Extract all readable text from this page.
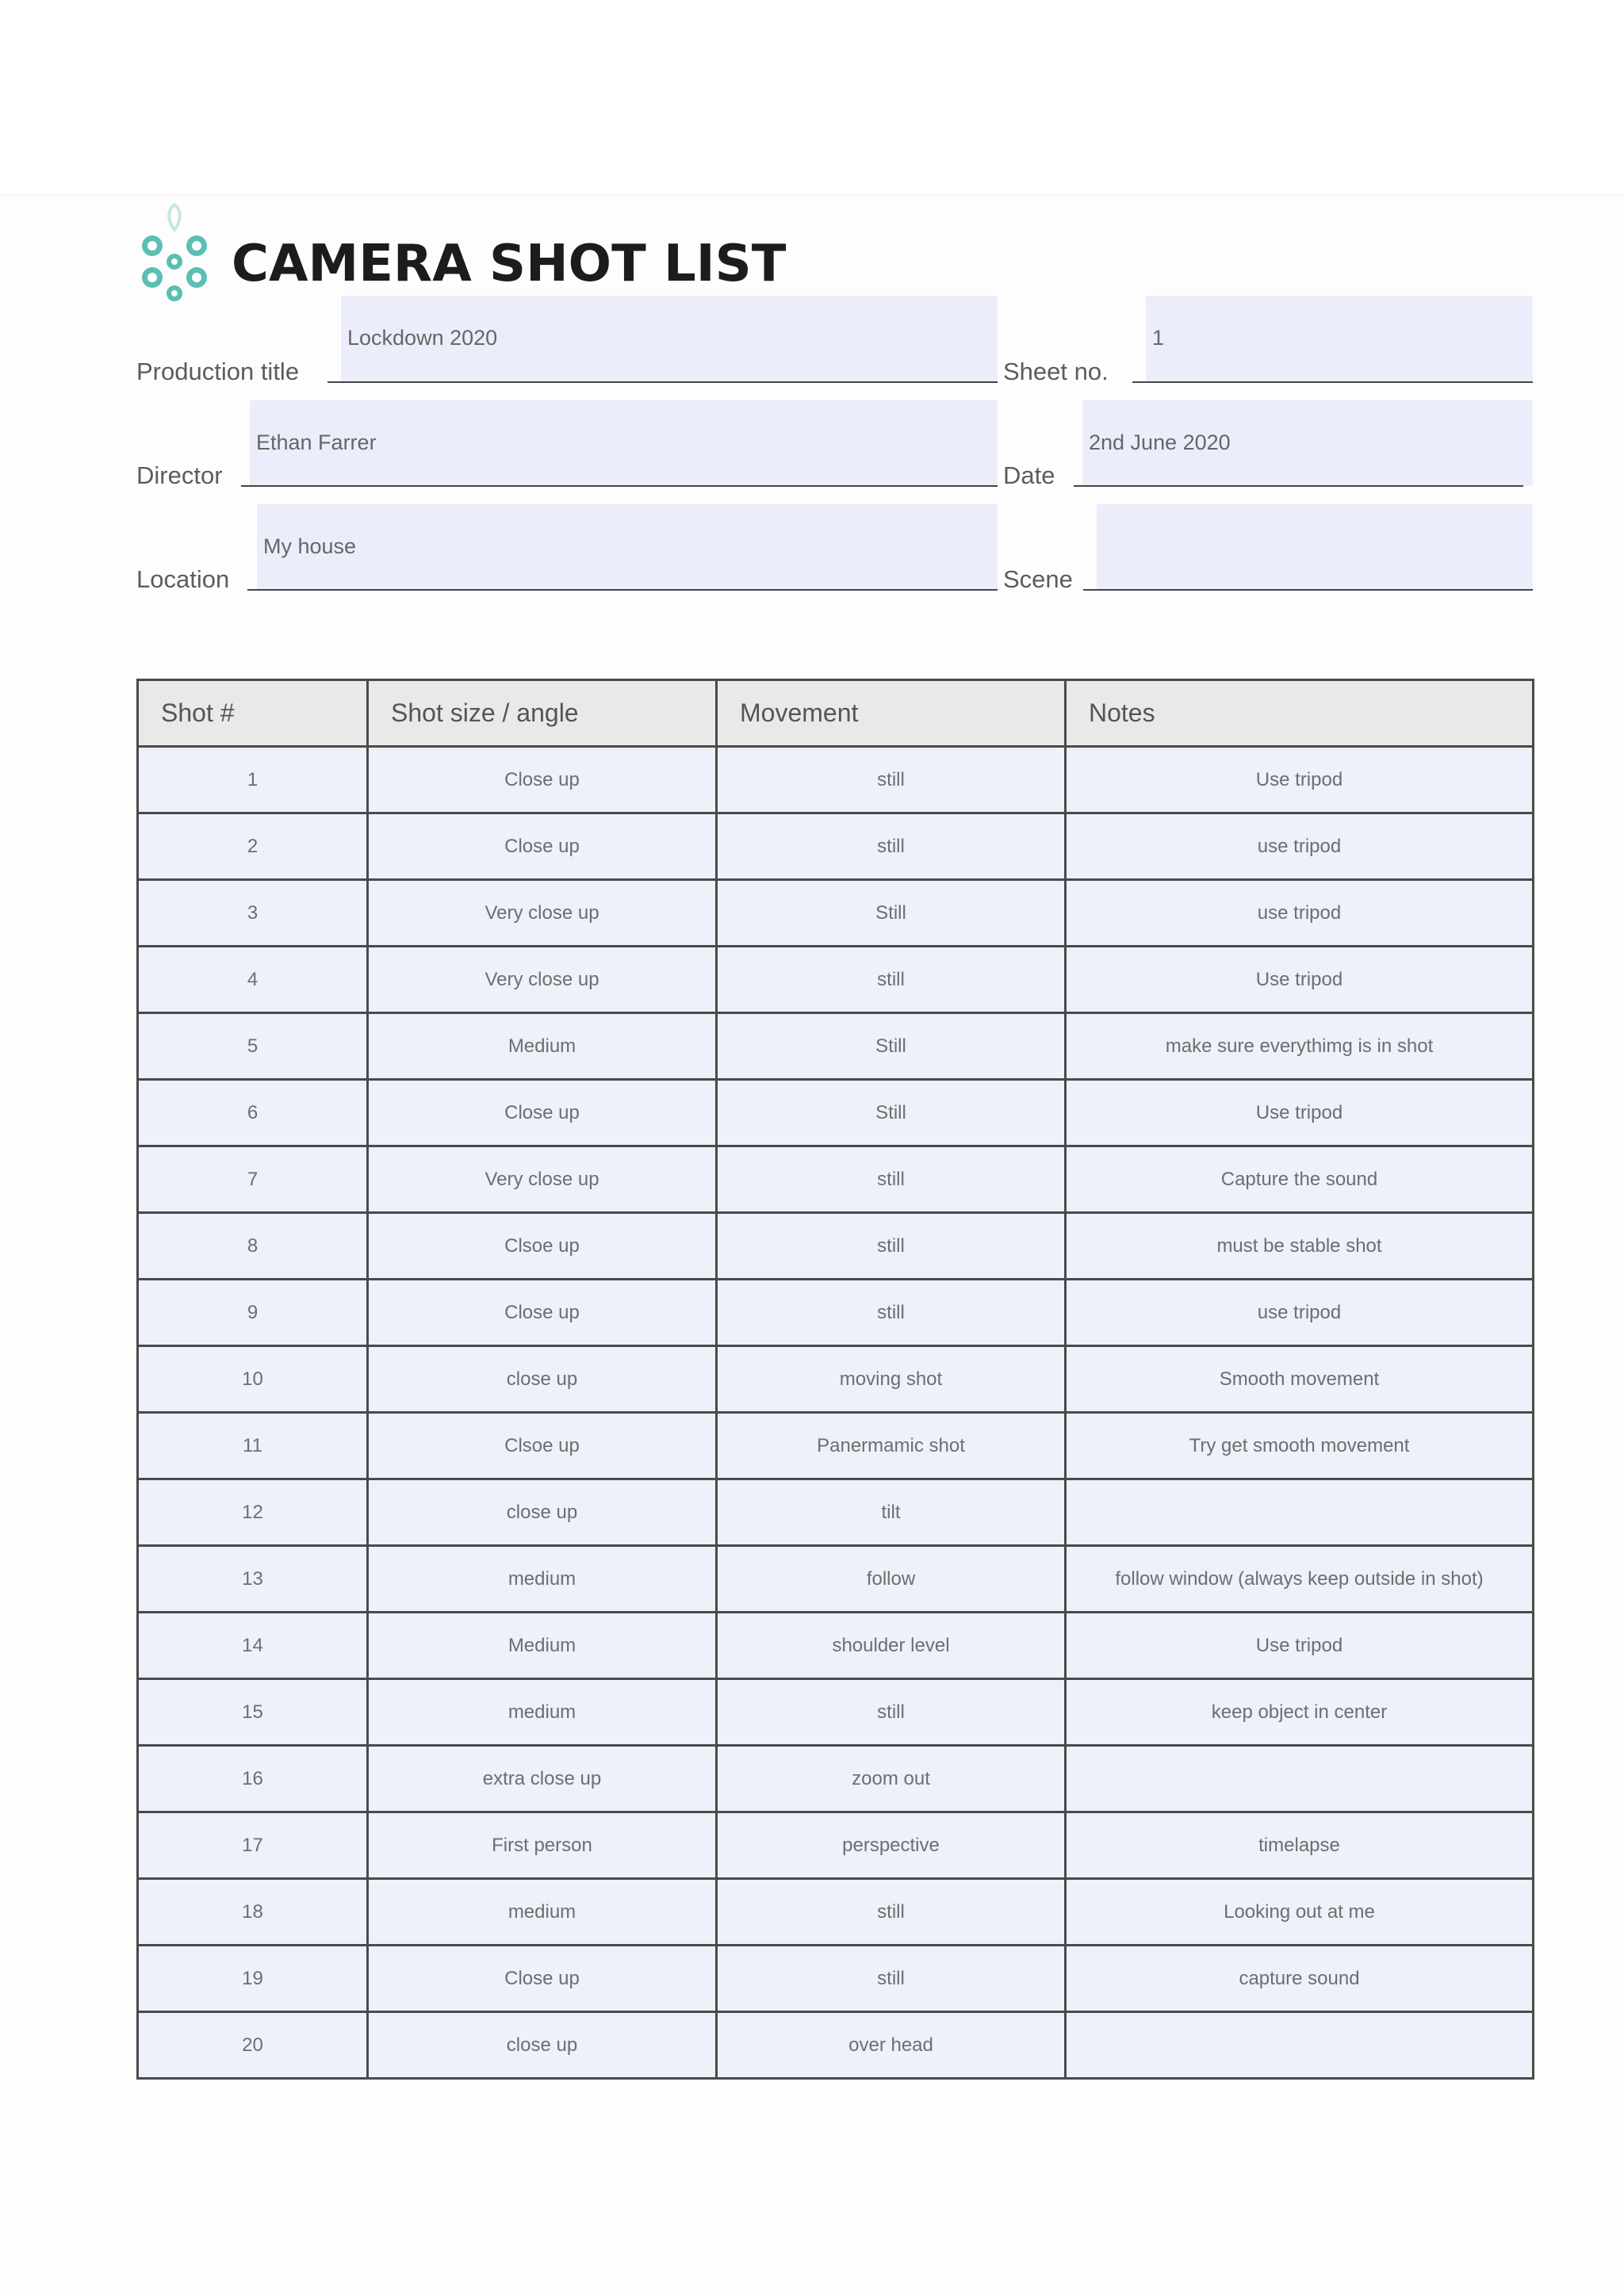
CAMERA SHOT LIST
Lockdown 2020
Production title
1
Sheet no.
Ethan Farrer
Director
2nd June 2020
Date
My house
Location	Scene
Shot #	Shot size / angle	Movement	Notes
1	Close up	still	Use tripod
2	Close up	still	use tripod
3	Very close up	Still	use tripod
4	Very close up	still	Use tripod
5	Medium	Still	make sure everythimg is in shot
6	Close up	Still	Use tripod
7	Very close up	still	Capture the sound
8	Clsoe up	still	must be stable shot
9	Close up	still	use tripod
10	close up	moving shot	Smooth movement
11	Clsoe up	Panermamic shot	Try get smooth movement
12	close up	tilt	
13	medium	follow	follow window (always keep outside in shot)
14	Medium	shoulder level	Use tripod
15	medium	still	keep object in center
16	extra close up	zoom out	
17	First person	perspective	timelapse
18	medium	still	Looking out at me
19	Close up	still	capture sound
20	close up	over head	
